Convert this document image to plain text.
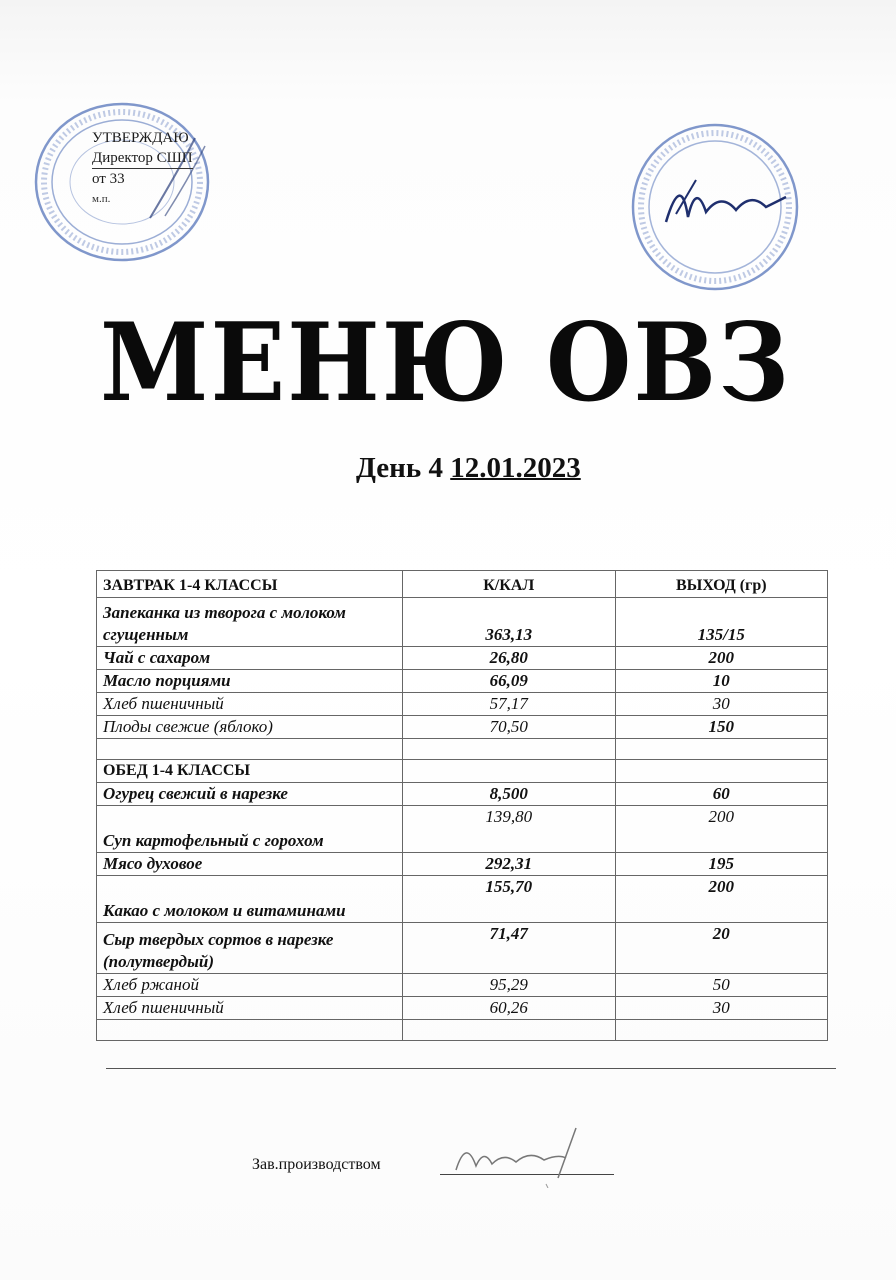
УТВЕРЖДАЮ
Директор СШП
от 33
м.п.
МЕНЮ ОВЗ
День 4 12.01.2023
ЗАВТРАК 1-4 КЛАССЫ	К/КАЛ	ВЫХОД (гр)
Запеканка из творога с молоком сгущенным	363,13	135/15
Чай с сахаром	26,80	200
Масло порциями	66,09	10
Хлеб пшеничный	57,17	30
Плоды свежие (яблоко)	70,50	150

ОБЕД 1-4 КЛАССЫ		
Огурец свежий в нарезке	8,500	60
Суп картофельный с горохом	139,80	200
Мясо духовое	292,31	195
Какао с молоком и витаминами	155,70	200
Сыр твердых сортов в нарезке (полутвердый)	71,47	20
Хлеб ржаной	95,29	50
Хлеб пшеничный	60,26	30

Зав.производством
